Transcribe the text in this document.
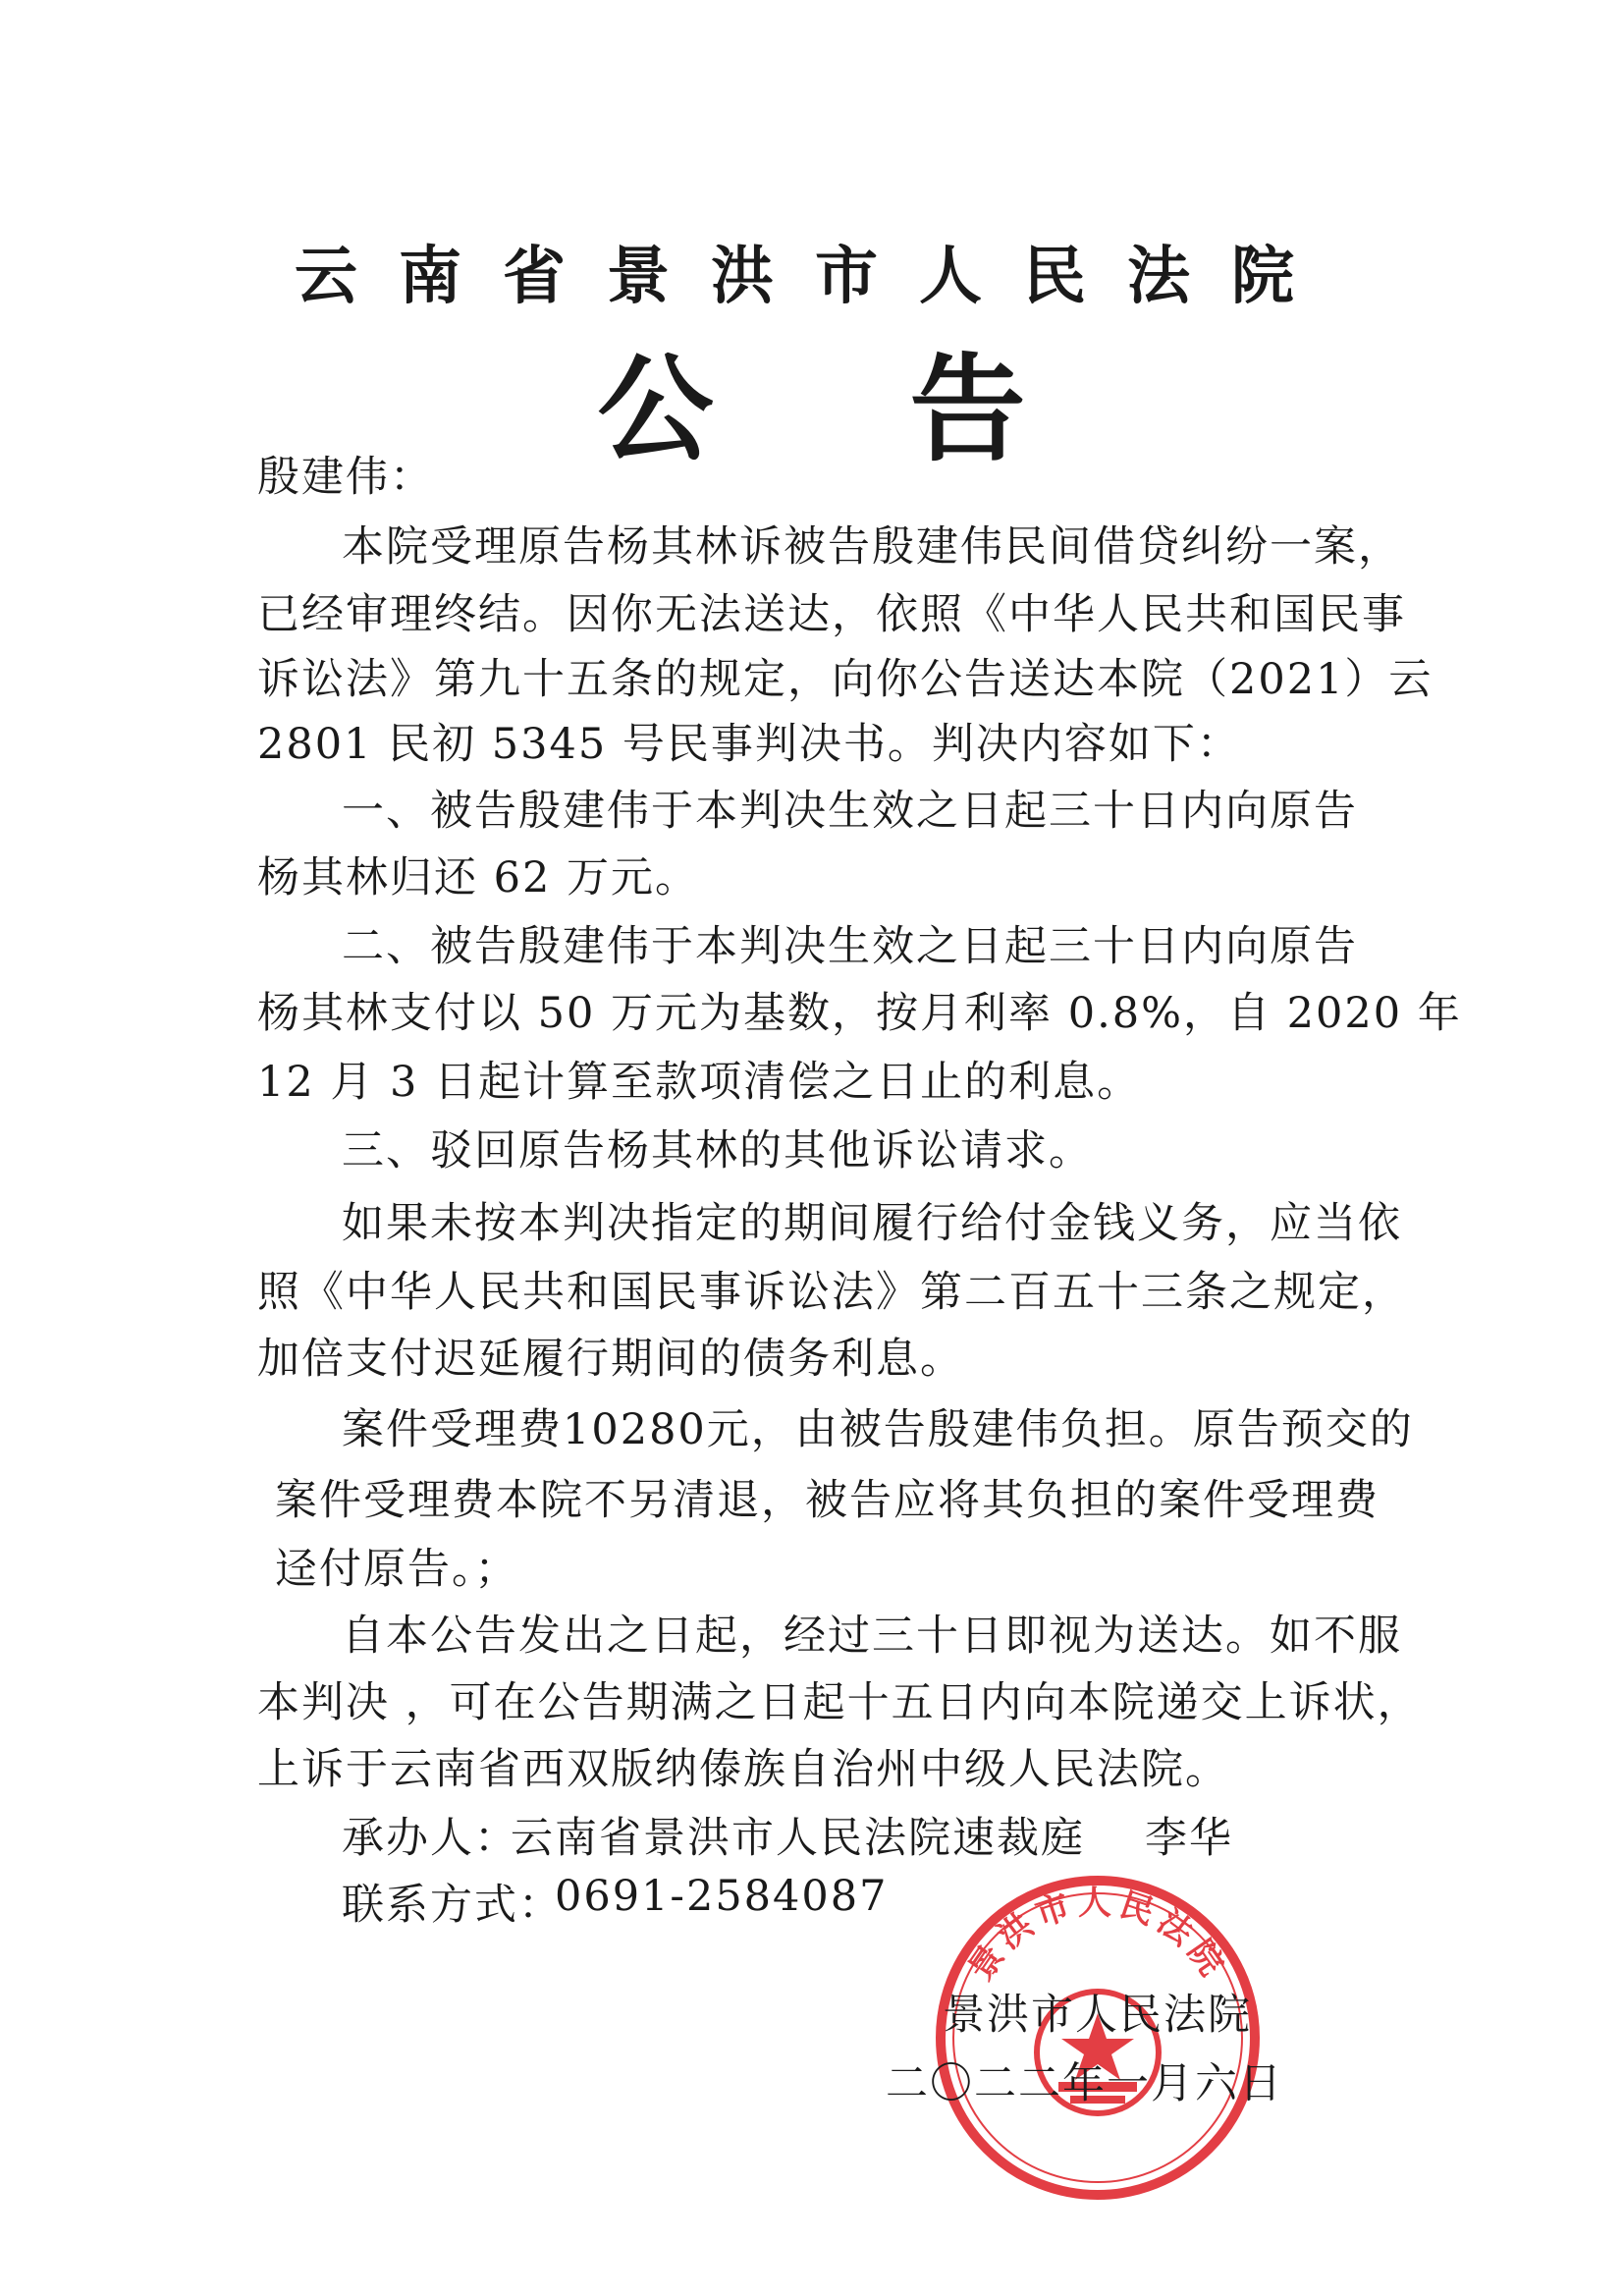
云南省景洪市人民法院
公告
殷建伟：
本院受理原告杨其林诉被告殷建伟民间借贷纠纷一案，
已经审理终结。因你无法送达，依照《中华人民共和国民事
诉讼法》第九十五条的规定，向你公告送达本院（2021）云
2801 民初 5345 号民事判决书。判决内容如下：
一、被告殷建伟于本判决生效之日起三十日内向原告
杨其林归还 62 万元。
二、被告殷建伟于本判决生效之日起三十日内向原告
杨其林支付以 50 万元为基数，按月利率 0.8%，自 2020 年
12 月 3 日起计算至款项清偿之日止的利息。
三、驳回原告杨其林的其他诉讼请求。
如果未按本判决指定的期间履行给付金钱义务，应当依
照《中华人民共和国民事诉讼法》第二百五十三条之规定，
加倍支付迟延履行期间的债务利息。
案件受理费10280元，由被告殷建伟负担。原告预交的
案件受理费本院不另清退，被告应将其负担的案件受理费
迳付原告。；
自本公告发出之日起，经过三十日即视为送达。如不服
本判决 ，可在公告期满之日起十五日内向本院递交上诉状，
上诉于云南省西双版纳傣族自治州中级人民法院。
承办人：
云南省景洪市人民法院速裁庭 李华
联系方式：
0691-2584087
景洪市人民法院
景洪市人民法院
二〇二二年一月六日
